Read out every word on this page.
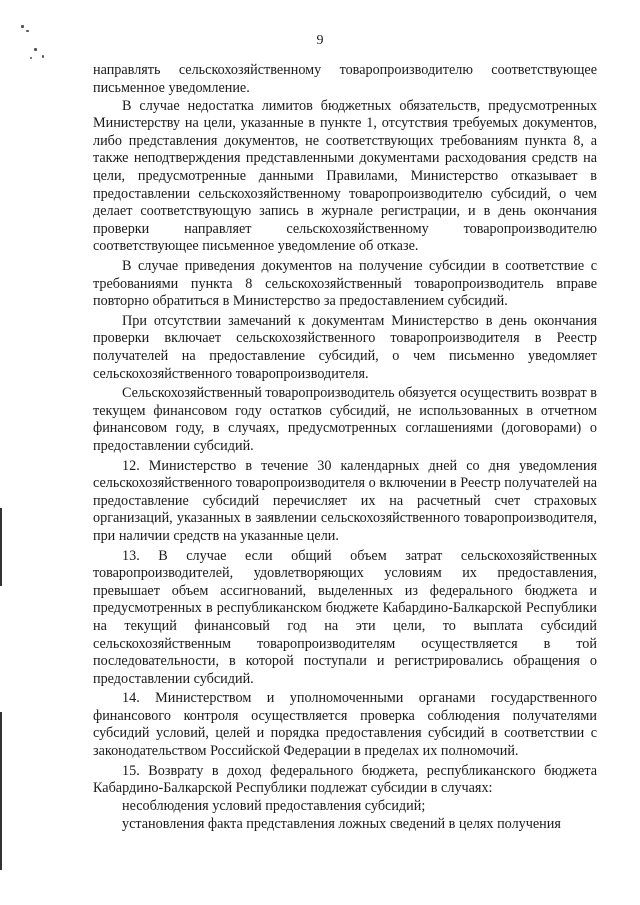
9

направлять сельскохозяйственному товаропроизводителю соответствующее письменное уведомление.

В случае недостатка лимитов бюджетных обязательств, предусмотренных Министерству на цели, указанные в пункте 1, отсутствия требуемых документов, либо представления документов, не соответствующих требованиям пункта 8, а также неподтверждения представленными документами расходования средств на цели, предусмотренные данными Правилами, Министерство отказывает в предоставлении сельскохозяйственному товаропроизводителю субсидий, о чем делает соответствующую запись в журнале регистрации, и в день окончания проверки направляет сельскохозяйственному товаропроизводителю соответствующее письменное уведомление об отказе.

В случае приведения документов на получение субсидии в соответствие с требованиями пункта 8 сельскохозяйственный товаропроизводитель вправе повторно обратиться в Министерство за предоставлением субсидий.

При отсутствии замечаний к документам Министерство в день окончания проверки включает сельскохозяйственного товаропроизводителя в Реестр получателей на предоставление субсидий, о чем письменно уведомляет сельскохозяйственного товаропроизводителя.

Сельскохозяйственный товаропроизводитель обязуется осуществить возврат в текущем финансовом году остатков субсидий, не использованных в отчетном финансовом году, в случаях, предусмотренных соглашениями (договорами) о предоставлении субсидий.

12. Министерство в течение 30 календарных дней со дня уведомления сельскохозяйственного товаропроизводителя о включении в Реестр получателей на предоставление субсидий перечисляет их на расчетный счет страховых организаций, указанных в заявлении сельскохозяйственного товаропроизводителя, при наличии средств на указанные цели.

13. В случае если общий объем затрат сельскохозяйственных товаропроизводителей, удовлетворяющих условиям их предоставления, превышает объем ассигнований, выделенных из федерального бюджета и предусмотренных в республиканском бюджете Кабардино-Балкарской Республики на текущий финансовый год на эти цели, то выплата субсидий сельскохозяйственным товаропроизводителям осуществляется в той последовательности, в которой поступали и регистрировались обращения о предоставлении субсидий.

14. Министерством и уполномоченными органами государственного финансового контроля осуществляется проверка соблюдения получателями субсидий условий, целей и порядка предоставления субсидий в соответствии с законодательством Российской Федерации в пределах их полномочий.

15. Возврату в доход федерального бюджета, республиканского бюджета Кабардино-Балкарской Республики подлежат субсидии в случаях:

несоблюдения условий предоставления субсидий;

установления факта представления ложных сведений в целях получения
